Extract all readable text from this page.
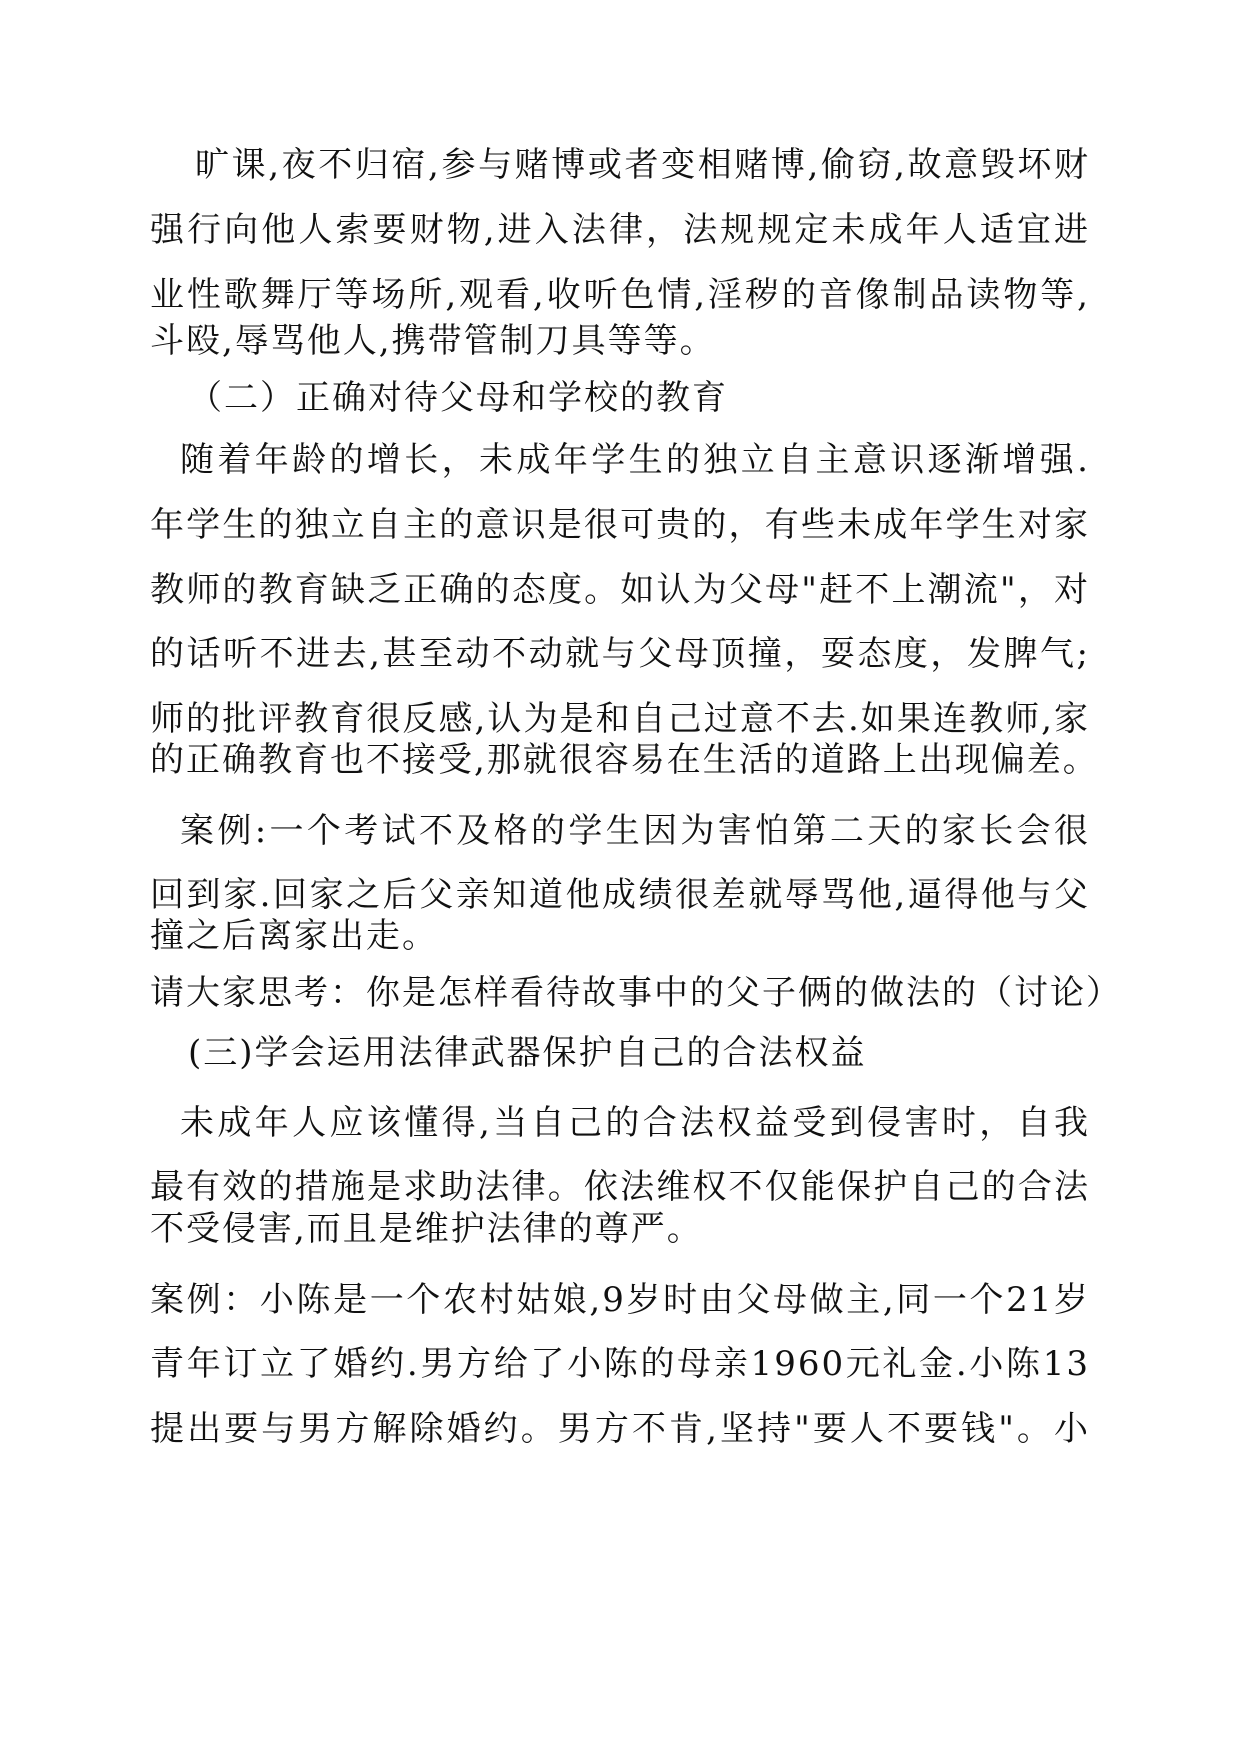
旷课,夜不归宿,参与赌博或者变相赌博,偷窃,故意毁坏财
强行向他人索要财物,进入法律，法规规定未成年人适宜进
业性歌舞厅等场所,观看,收听色情,淫秽的音像制品读物等,
斗殴,辱骂他人,携带管制刀具等等。
（二）正确对待父母和学校的教育
随着年龄的增长，未成年学生的独立自主意识逐渐增强.
年学生的独立自主的意识是很可贵的，有些未成年学生对家
教师的教育缺乏正确的态度。如认为父母"赶不上潮流"，对
的话听不进去,甚至动不动就与父母顶撞，耍态度，发脾气;
师的批评教育很反感,认为是和自己过意不去.如果连教师,家
的正确教育也不接受,那就很容易在生活的道路上出现偏差。
案例:一个考试不及格的学生因为害怕第二天的家长会很
回到家.回家之后父亲知道他成绩很差就辱骂他,逼得他与父
撞之后离家出走。
请大家思考：你是怎样看待故事中的父子俩的做法的（讨论）
(三)学会运用法律武器保护自己的合法权益
未成年人应该懂得,当自己的合法权益受到侵害时，自我
最有效的措施是求助法律。依法维权不仅能保护自己的合法
不受侵害,而且是维护法律的尊严。
案例：小陈是一个农村姑娘,9岁时由父母做主,同一个21岁
青年订立了婚约.男方给了小陈的母亲1960元礼金.小陈13
提出要与男方解除婚约。男方不肯,坚持"要人不要钱"。小
